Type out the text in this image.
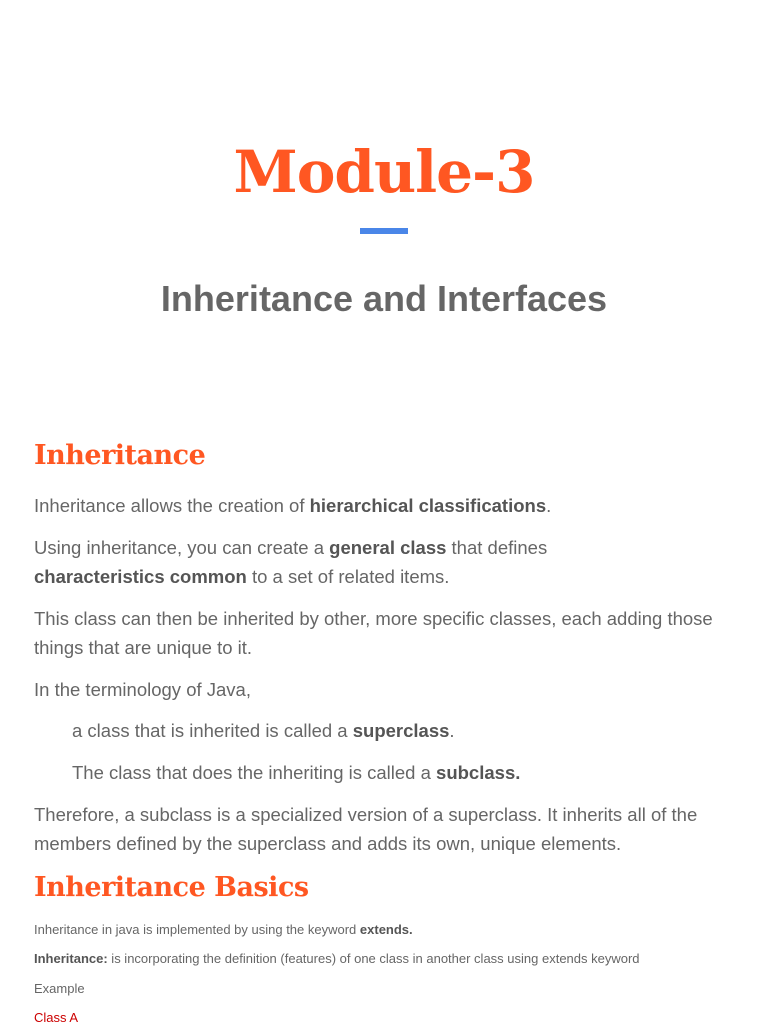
Module-3
Inheritance and Interfaces
Inheritance

Inheritance allows the creation of hierarchical classifications.

Using inheritance, you can create a general class that defines
characteristics common to a set of related items.

This class can then be inherited by other, more specific classes, each adding those things that are unique to it.

In the terminology of Java,

a class that is inherited is called a superclass.

The class that does the inheriting is called a subclass.

Therefore, a subclass is a specialized version of a superclass. It inherits all of the members defined by the superclass and adds its own, unique elements.

Inheritance Basics

Inheritance in java is implemented by using the keyword extends.

Inheritance: is incorporating the definition (features) of one class in another class using extends keyword

Example

Class A
